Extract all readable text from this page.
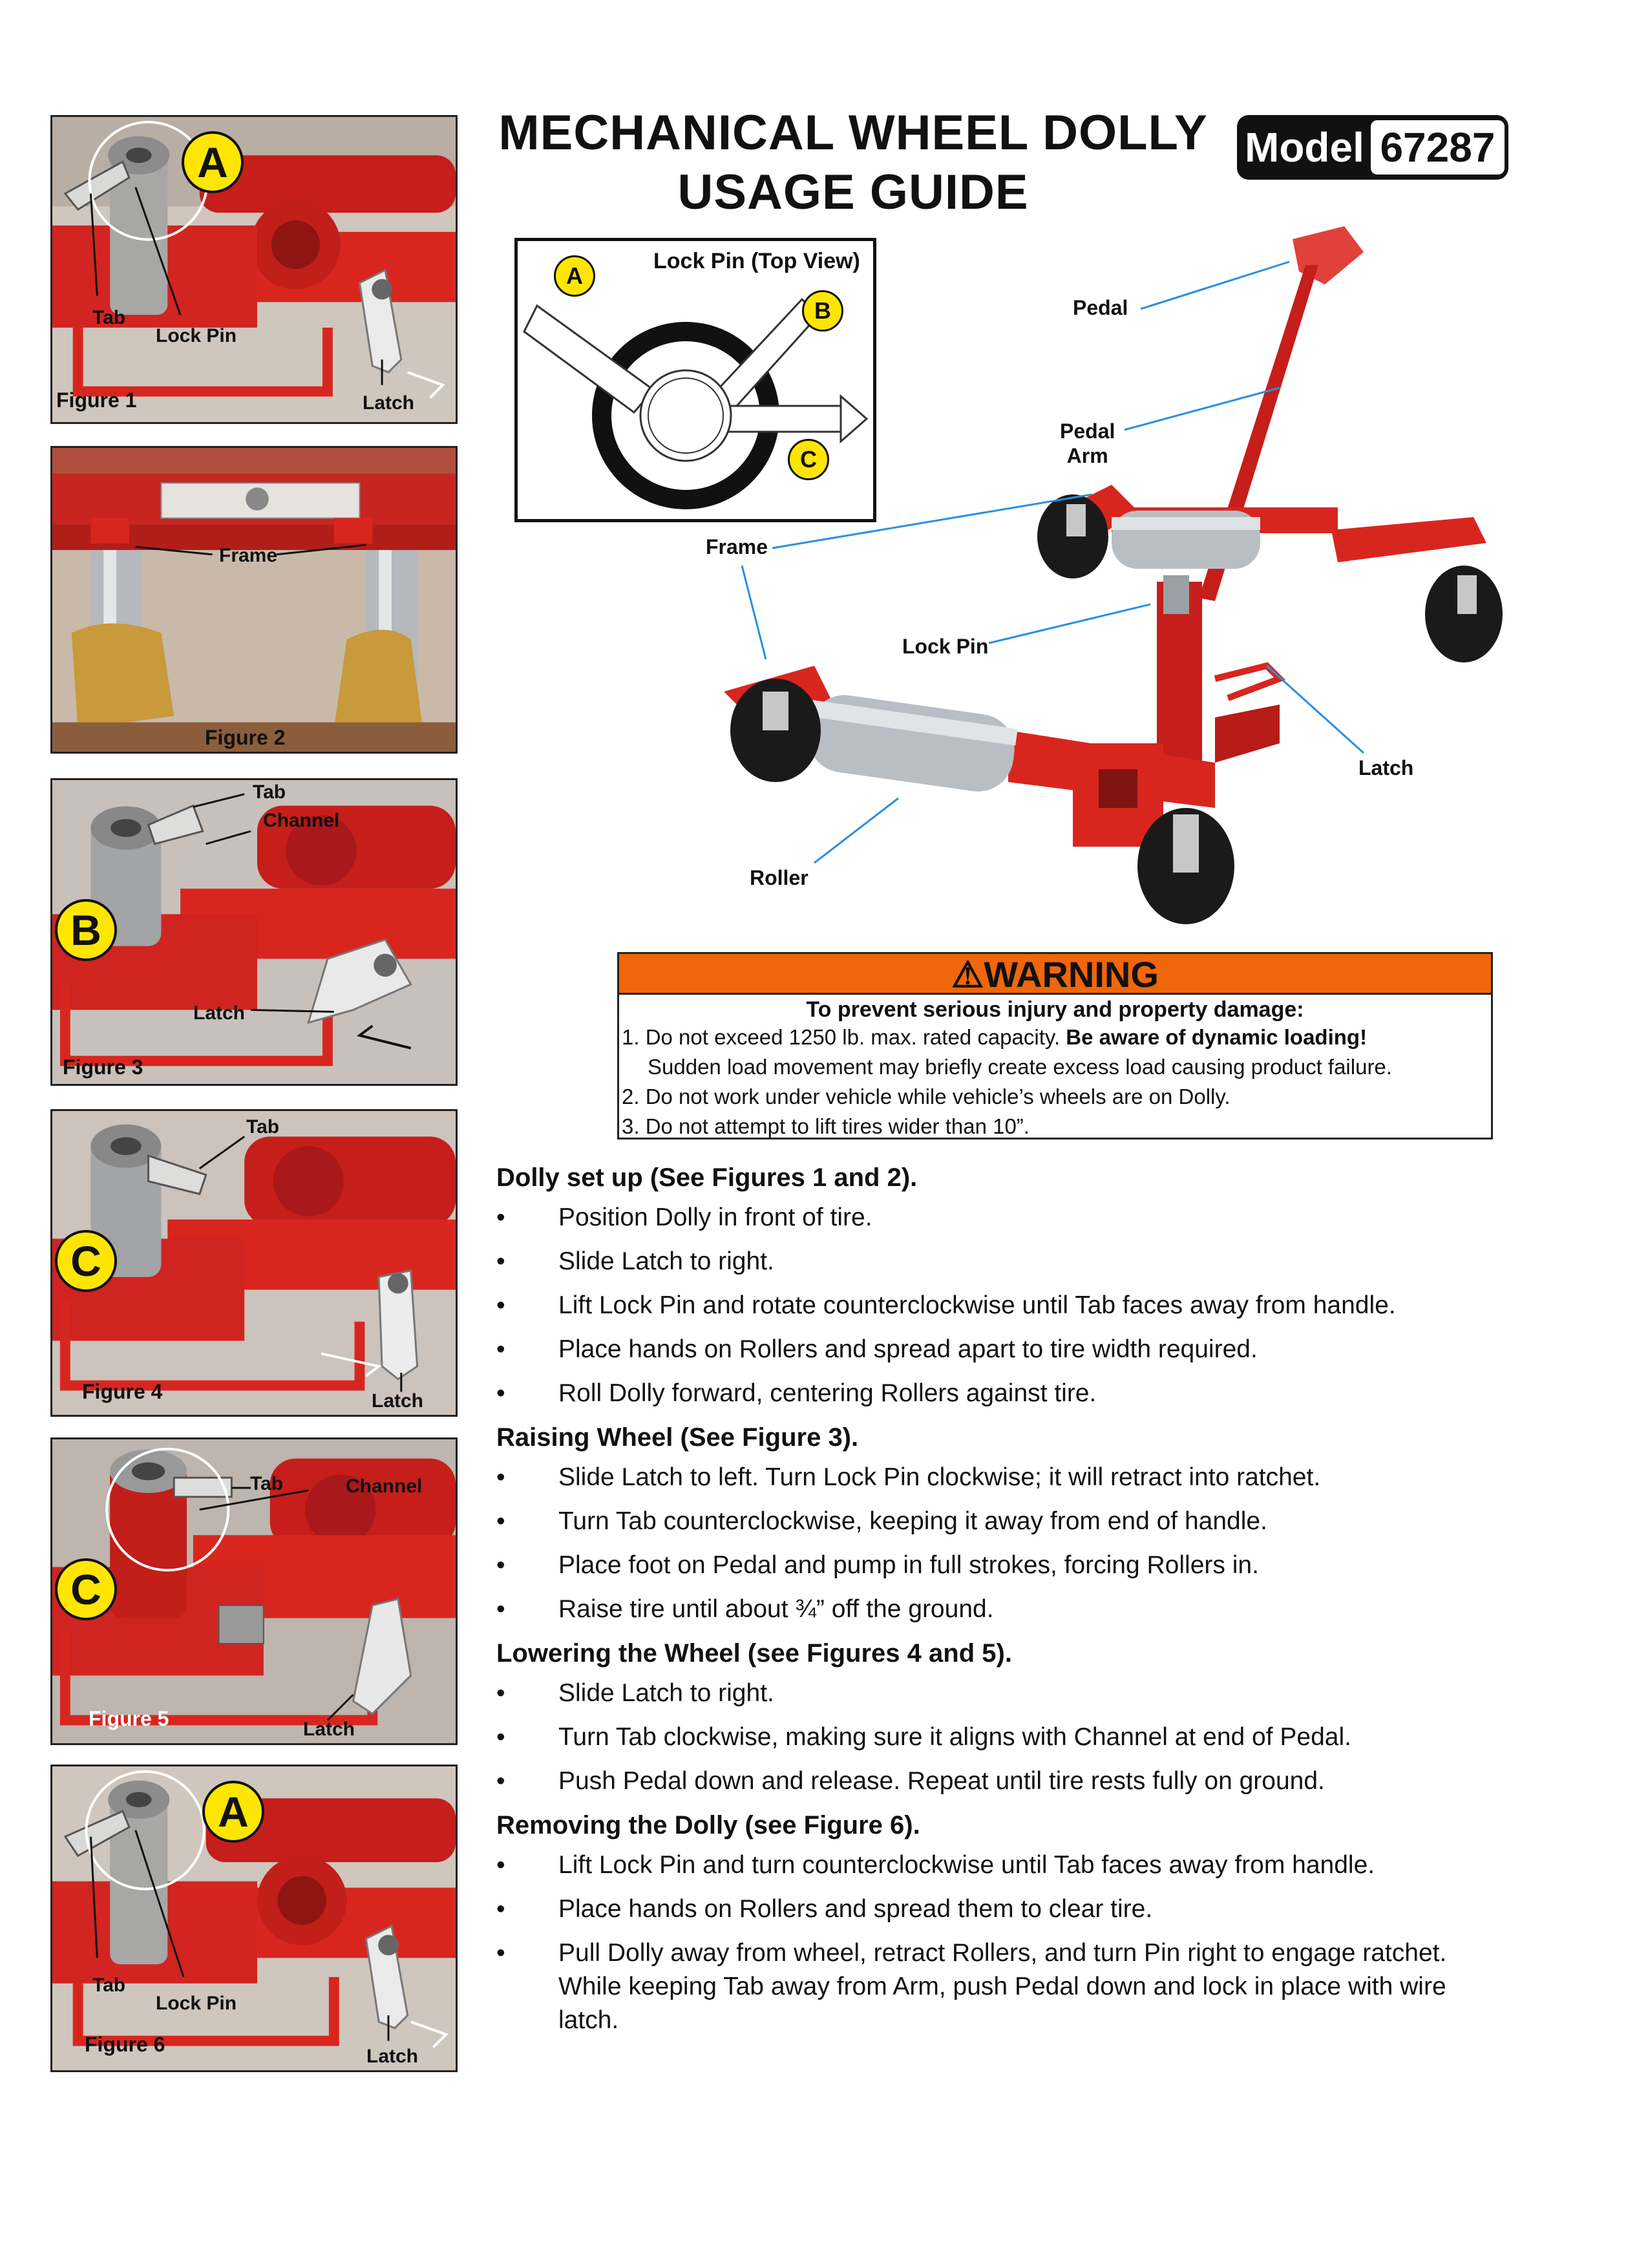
A
Tab
Lock Pin
Latch
Figure 1
Frame
Figure 2
B
Tab
Channel
Latch
Figure 3
C
Tab
Latch
Figure 4
C
Tab	Channel
Latch
Figure 5
A
Tab
Lock Pin
Latch
Figure 6
MECHANICAL WHEEL DOLLY
USAGE GUIDE
Model 67287
Lock Pin (Top View)
A
B
C
Pedal
Pedal
Arm
Frame
Lock Pin
Latch
Roller
⚠WARNING
To prevent serious injury and property damage:
1. Do not exceed 1250 lb. max. rated capacity. Be aware of dynamic loading!
Sudden load movement may briefly create excess load causing product failure.
2. Do not work under vehicle while vehicle’s wheels are on Dolly.
3. Do not attempt to lift tires wider than 10”.
Dolly set up (See Figures 1 and 2).
• Position Dolly in front of tire.
• Slide Latch to right.
• Lift Lock Pin and rotate counterclockwise until Tab faces away from handle.
• Place hands on Rollers and spread apart to tire width required.
• Roll Dolly forward, centering Rollers against tire.
Raising Wheel (See Figure 3).
• Slide Latch to left. Turn Lock Pin clockwise; it will retract into ratchet.
• Turn Tab counterclockwise, keeping it away from end of handle.
• Place foot on Pedal and pump in full strokes, forcing Rollers in.
• Raise tire until about ¾” off the ground.
Lowering the Wheel (see Figures 4 and 5).
• Slide Latch to right.
• Turn Tab clockwise, making sure it aligns with Channel at end of Pedal.
• Push Pedal down and release. Repeat until tire rests fully on ground.
Removing the Dolly (see Figure 6).
• Lift Lock Pin and turn counterclockwise until Tab faces away from handle.
• Place hands on Rollers and spread them to clear tire.
• Pull Dolly away from wheel, retract Rollers, and turn Pin right to engage ratchet. While keeping Tab away from Arm, push Pedal down and lock in place with wire latch.
